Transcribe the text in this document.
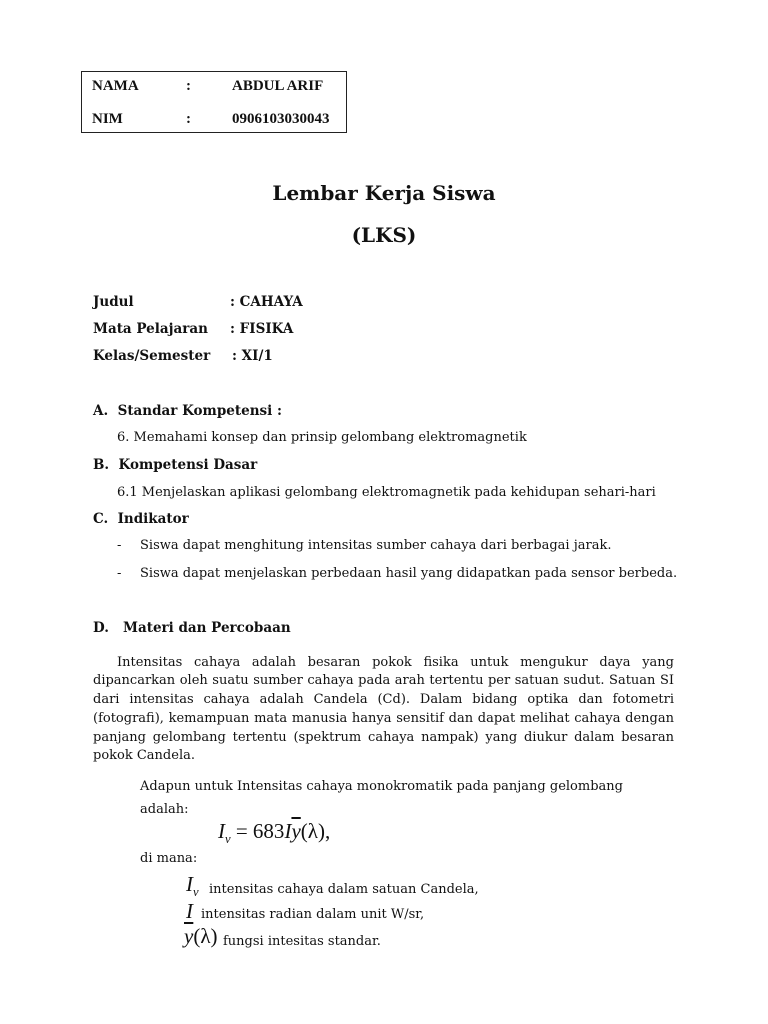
NAMA	:	ABDUL ARIF
NIM	:	0906103030043
Lembar Kerja Siswa
(LKS)
Judul	: CAHAYA
Mata Pelajaran : FISIKA
Kelas/Semester : XI/1
A.  Standar Kompetensi :
6. Memahami konsep dan prinsip gelombang elektromagnetik
B.  Kompetensi Dasar
6.1 Menjelaskan aplikasi gelombang elektromagnetik pada kehidupan sehari-hari
C.  Indikator
- Siswa dapat menghitung intensitas sumber cahaya dari berbagai jarak.
- Siswa dapat menjelaskan perbedaan hasil yang didapatkan pada sensor berbeda.
D.   Materi dan Percobaan
Intensitas cahaya adalah besaran pokok fisika untuk mengukur daya yang
dipancarkan oleh suatu sumber cahaya pada arah tertentu per satuan sudut. Satuan SI
dari intensitas cahaya adalah Candela (Cd). Dalam bidang optika dan fotometri
(fotografi), kemampuan mata manusia hanya sensitif dan dapat melihat cahaya dengan
panjang gelombang tertentu (spektrum cahaya nampak) yang diukur dalam besaran
pokok Candela.
Adapun untuk Intensitas cahaya monokromatik pada panjang gelombang
adalah:
$I_v = 683I\overline{y}(\lambda)$,
di mana:
$I_v$ intensitas cahaya dalam satuan Candela,
I intensitas radian dalam unit W/sr,
$\overline{y}(\lambda)$ fungsi intesitas standar.
